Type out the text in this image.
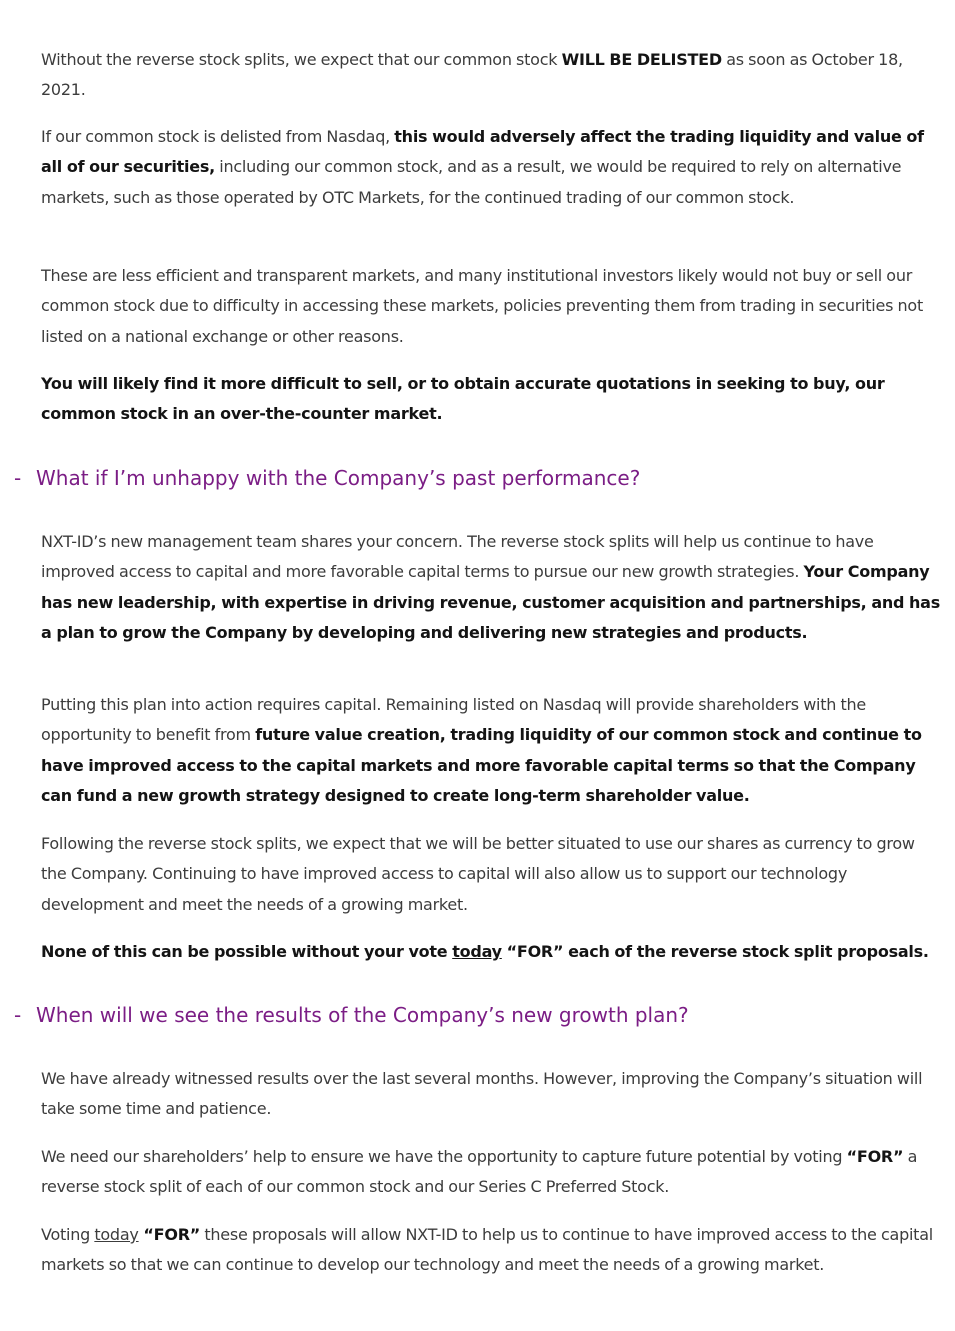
Without the reverse stock splits, we expect that our common stock WILL BE DELISTED as soon as October 18, 2021.

If our common stock is delisted from Nasdaq, this would adversely affect the trading liquidity and value of all of our securities, including our common stock, and as a result, we would be required to rely on alternative markets, such as those operated by OTC Markets, for the continued trading of our common stock.

These are less efficient and transparent markets, and many institutional investors likely would not buy or sell our common stock due to difficulty in accessing these markets, policies preventing them from trading in securities not listed on a national exchange or other reasons.

You will likely find it more difficult to sell, or to obtain accurate quotations in seeking to buy, our common stock in an over-the-counter market.

- What if I’m unhappy with the Company’s past performance?

NXT-ID’s new management team shares your concern. The reverse stock splits will help us continue to have improved access to capital and more favorable capital terms to pursue our new growth strategies. Your Company has new leadership, with expertise in driving revenue, customer acquisition and partnerships, and has a plan to grow the Company by developing and delivering new strategies and products.

Putting this plan into action requires capital. Remaining listed on Nasdaq will provide shareholders with the opportunity to benefit from future value creation, trading liquidity of our common stock and continue to have improved access to the capital markets and more favorable capital terms so that the Company can fund a new growth strategy designed to create long-term shareholder value.

Following the reverse stock splits, we expect that we will be better situated to use our shares as currency to grow the Company. Continuing to have improved access to capital will also allow us to support our technology development and meet the needs of a growing market.

None of this can be possible without your vote today “FOR” each of the reverse stock split proposals.

- When will we see the results of the Company’s new growth plan?

We have already witnessed results over the last several months. However, improving the Company’s situation will take some time and patience.

We need our shareholders’ help to ensure we have the opportunity to capture future potential by voting “FOR” a reverse stock split of each of our common stock and our Series C Preferred Stock.

Voting today “FOR” these proposals will allow NXT-ID to help us to continue to have improved access to the capital markets so that we can continue to develop our technology and meet the needs of a growing market.
